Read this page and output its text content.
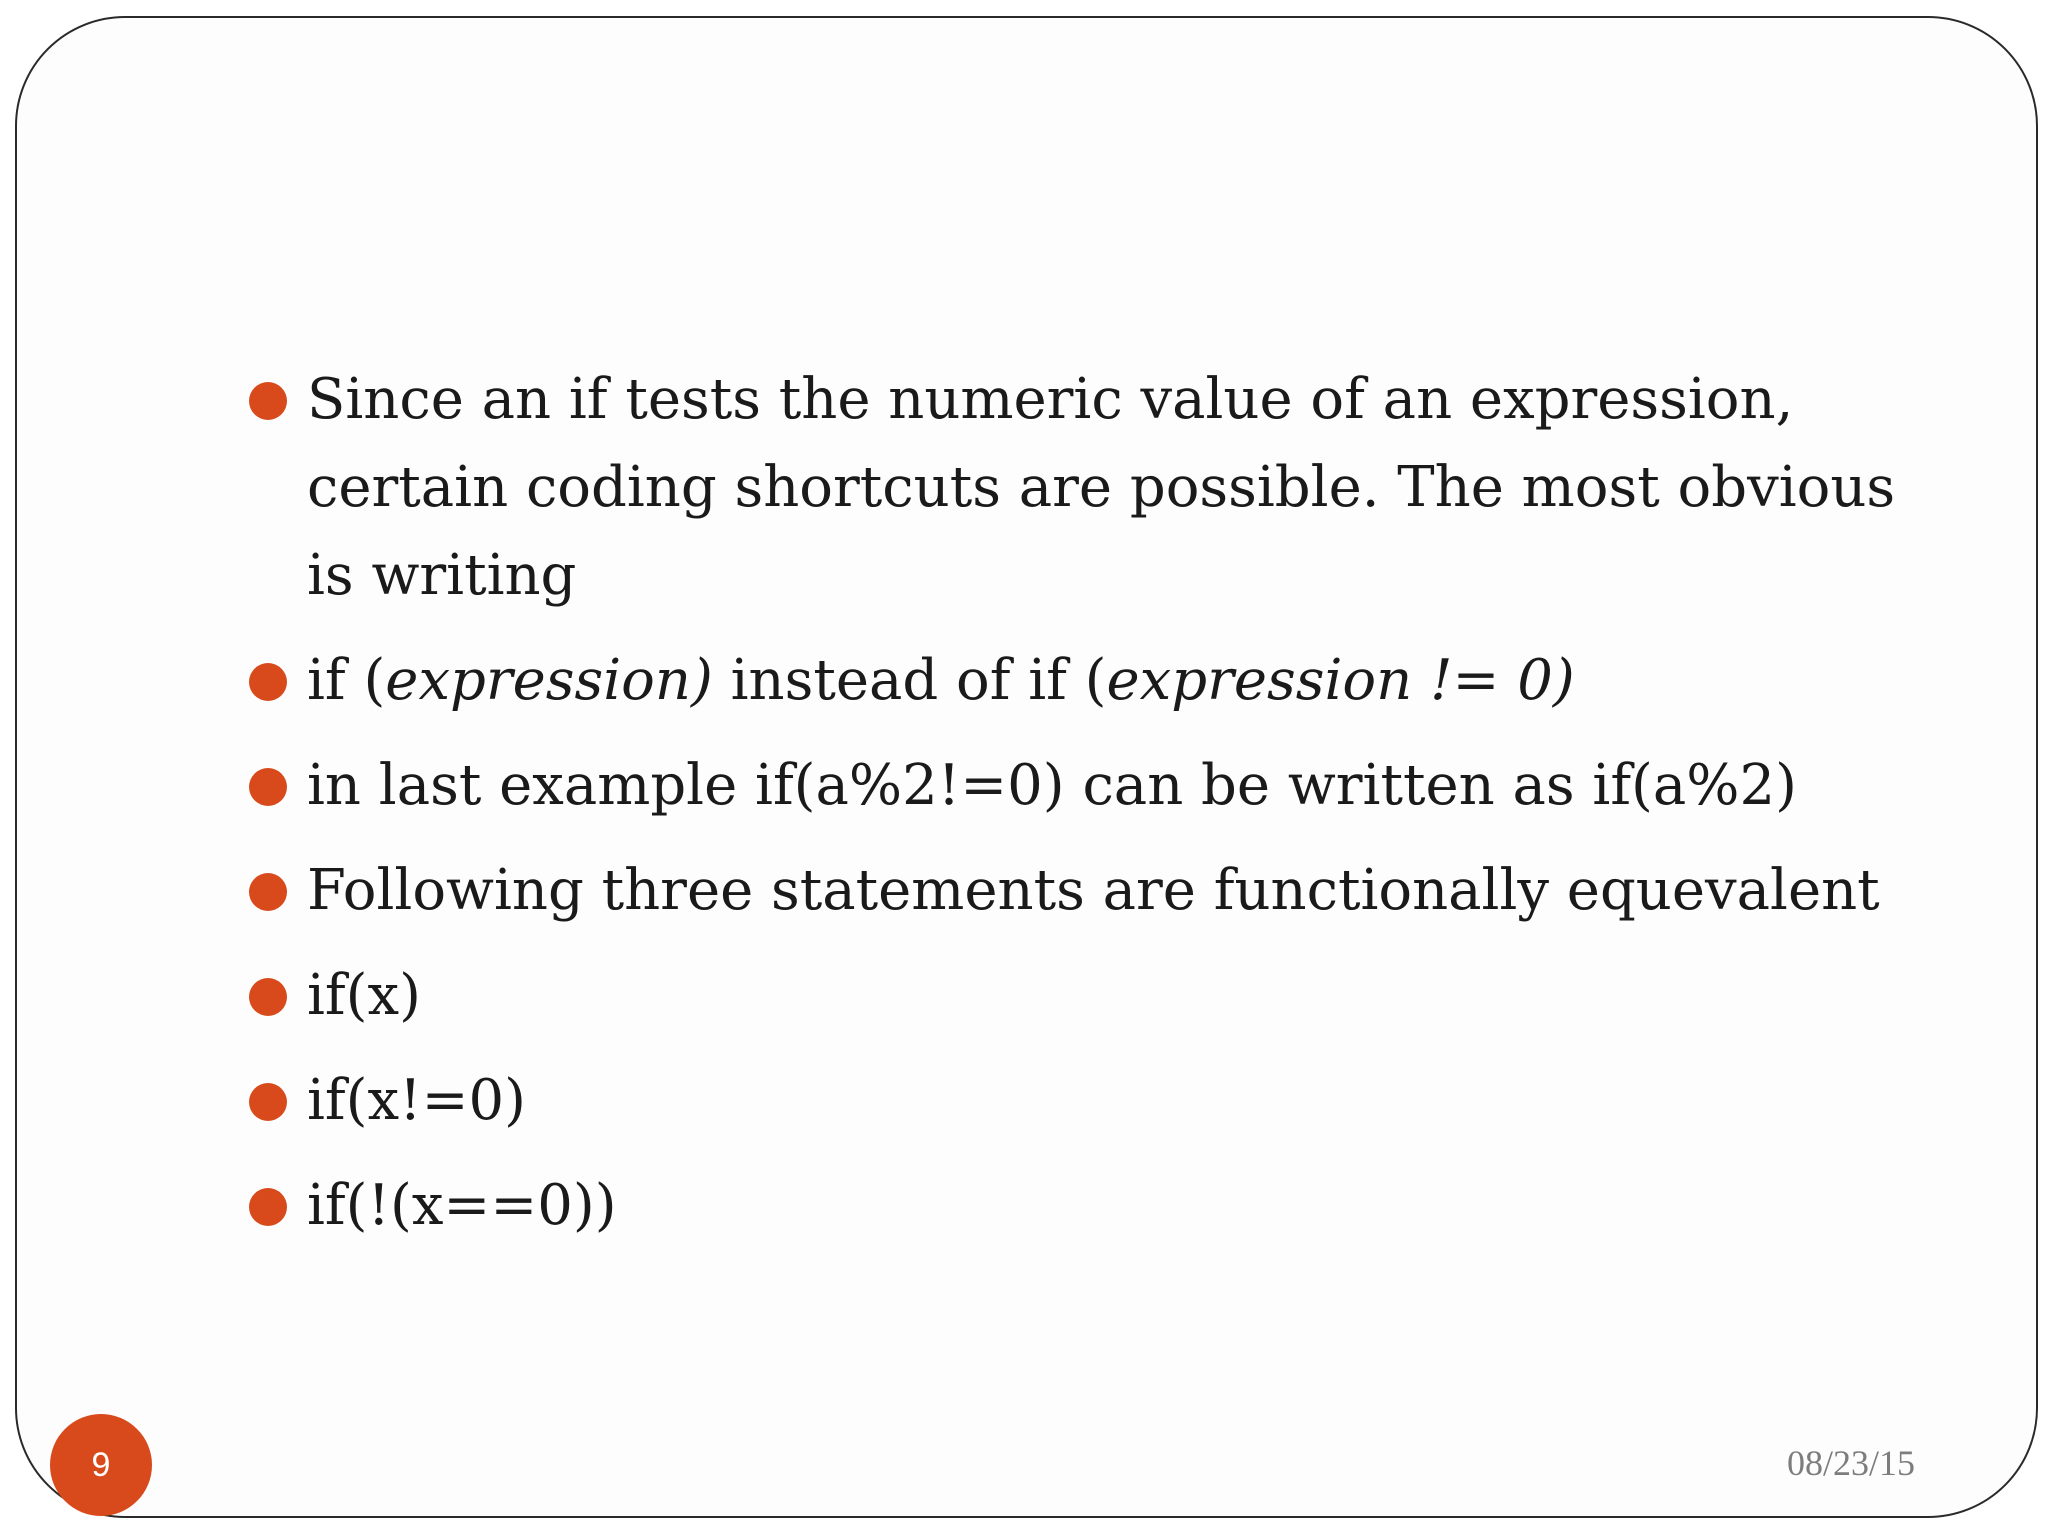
Since an if tests the numeric value of an expression, certain coding shortcuts are possible. The most obvious is writing
if (expression) instead of if (expression != 0)
in last example if(a%2!=0) can be written as if(a%2)
Following three statements are functionally equevalent
if(x)
if(x!=0)
if(!(x==0))
9	08/23/15
